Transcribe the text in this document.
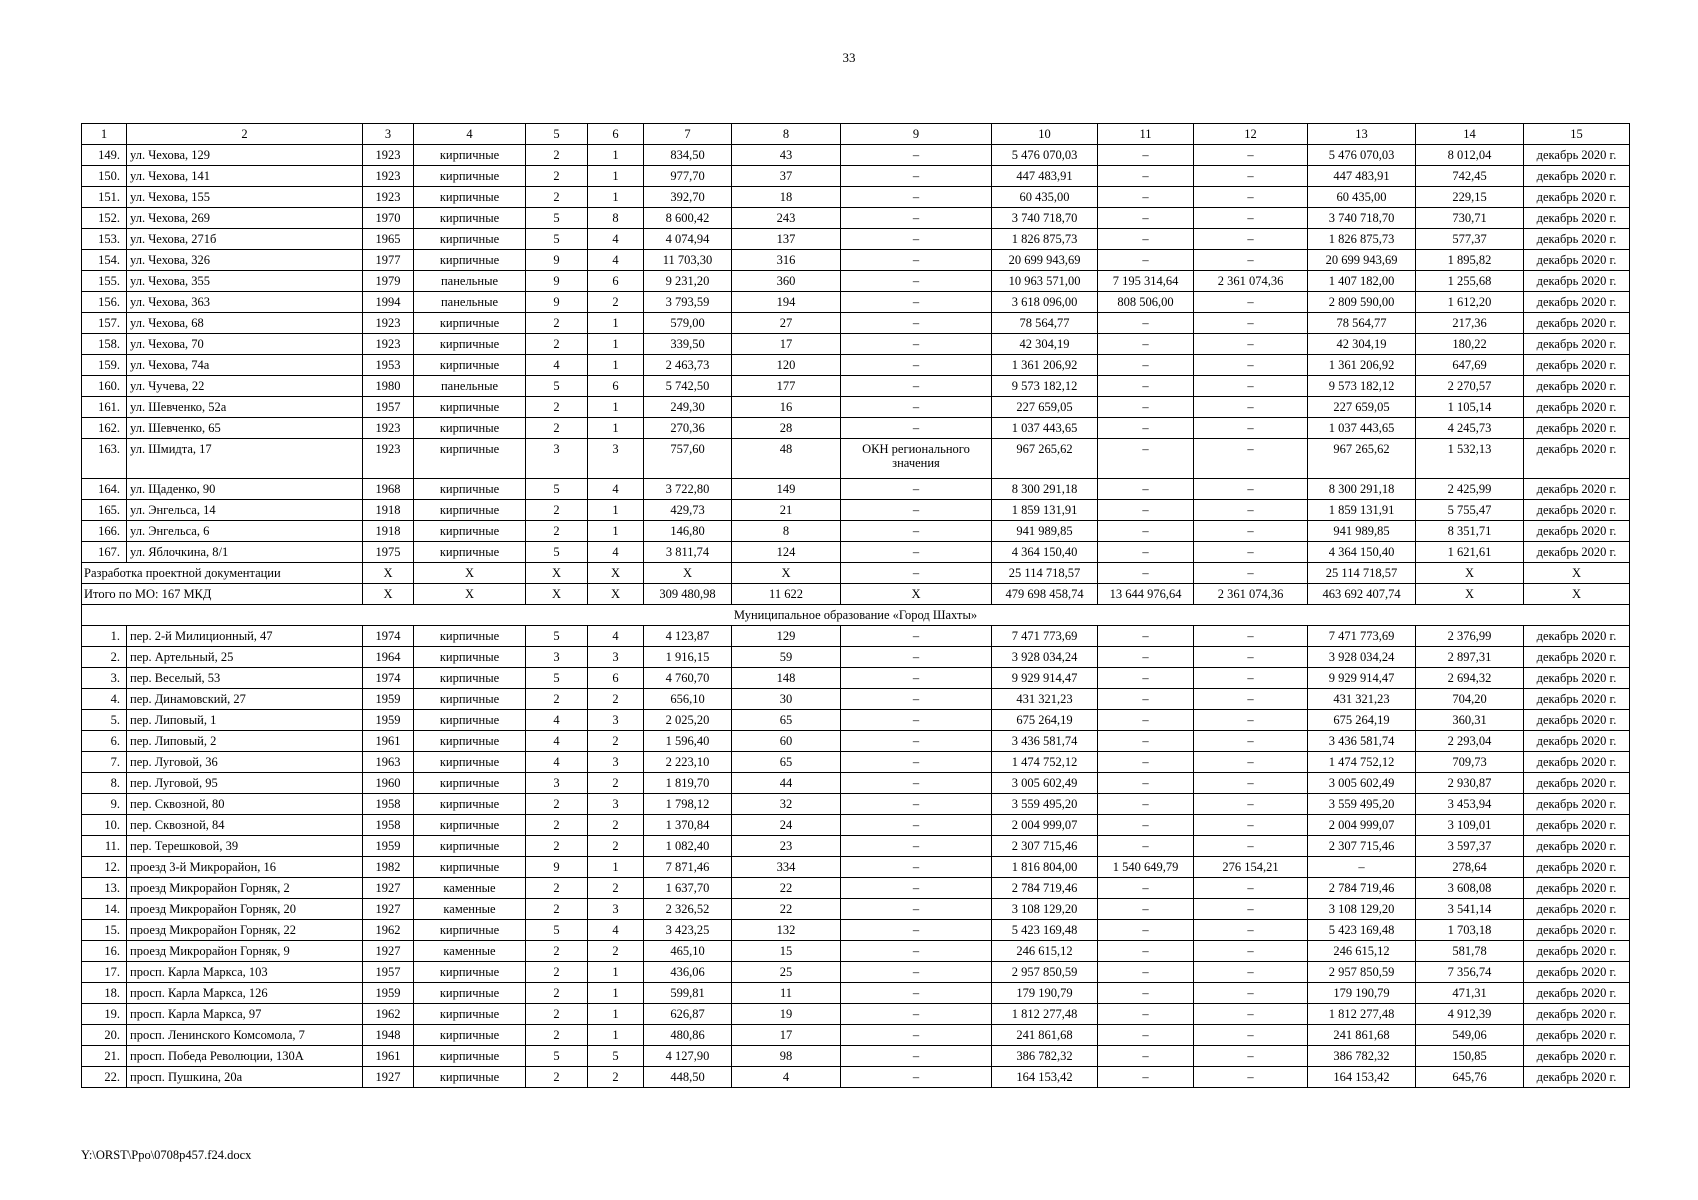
33
1	2	3	4	5	6	7	8	9	10	11	12	13	14	15
149.	ул. Чехова, 129	1923	кирпичные	2	1	834,50	43	–	5 476 070,03	–	–	5 476 070,03	8 012,04	декабрь 2020 г.
150.	ул. Чехова, 141	1923	кирпичные	2	1	977,70	37	–	447 483,91	–	–	447 483,91	742,45	декабрь 2020 г.
151.	ул. Чехова, 155	1923	кирпичные	2	1	392,70	18	–	60 435,00	–	–	60 435,00	229,15	декабрь 2020 г.
152.	ул. Чехова, 269	1970	кирпичные	5	8	8 600,42	243	–	3 740 718,70	–	–	3 740 718,70	730,71	декабрь 2020 г.
153.	ул. Чехова, 271б	1965	кирпичные	5	4	4 074,94	137	–	1 826 875,73	–	–	1 826 875,73	577,37	декабрь 2020 г.
154.	ул. Чехова, 326	1977	кирпичные	9	4	11 703,30	316	–	20 699 943,69	–	–	20 699 943,69	1 895,82	декабрь 2020 г.
155.	ул. Чехова, 355	1979	панельные	9	6	9 231,20	360	–	10 963 571,00	7 195 314,64	2 361 074,36	1 407 182,00	1 255,68	декабрь 2020 г.
156.	ул. Чехова, 363	1994	панельные	9	2	3 793,59	194	–	3 618 096,00	808 506,00	–	2 809 590,00	1 612,20	декабрь 2020 г.
157.	ул. Чехова, 68	1923	кирпичные	2	1	579,00	27	–	78 564,77	–	–	78 564,77	217,36	декабрь 2020 г.
158.	ул. Чехова, 70	1923	кирпичные	2	1	339,50	17	–	42 304,19	–	–	42 304,19	180,22	декабрь 2020 г.
159.	ул. Чехова, 74а	1953	кирпичные	4	1	2 463,73	120	–	1 361 206,92	–	–	1 361 206,92	647,69	декабрь 2020 г.
160.	ул. Чучева, 22	1980	панельные	5	6	5 742,50	177	–	9 573 182,12	–	–	9 573 182,12	2 270,57	декабрь 2020 г.
161.	ул. Шевченко, 52а	1957	кирпичные	2	1	249,30	16	–	227 659,05	–	–	227 659,05	1 105,14	декабрь 2020 г.
162.	ул. Шевченко, 65	1923	кирпичные	2	1	270,36	28	–	1 037 443,65	–	–	1 037 443,65	4 245,73	декабрь 2020 г.
163.	ул. Шмидта, 17	1923	кирпичные	3	3	757,60	48	ОКН регионального значения	967 265,62	–	–	967 265,62	1 532,13	декабрь 2020 г.
164.	ул. Щаденко, 90	1968	кирпичные	5	4	3 722,80	149	–	8 300 291,18	–	–	8 300 291,18	2 425,99	декабрь 2020 г.
165.	ул. Энгельса, 14	1918	кирпичные	2	1	429,73	21	–	1 859 131,91	–	–	1 859 131,91	5 755,47	декабрь 2020 г.
166.	ул. Энгельса, 6	1918	кирпичные	2	1	146,80	8	–	941 989,85	–	–	941 989,85	8 351,71	декабрь 2020 г.
167.	ул. Яблочкина, 8/1	1975	кирпичные	5	4	3 811,74	124	–	4 364 150,40	–	–	4 364 150,40	1 621,61	декабрь 2020 г.
Разработка проектной документации		X	X	X	X	X	X	–	25 114 718,57	–	–	25 114 718,57	X	X
Итого по МО: 167 МКД		X	X	X	X	309 480,98	11 622	X	479 698 458,74	13 644 976,64	2 361 074,36	463 692 407,74	X	X
Муниципальное образование «Город Шахты»														
1.	пер. 2-й Милиционный, 47	1974	кирпичные	5	4	4 123,87	129	–	7 471 773,69	–	–	7 471 773,69	2 376,99	декабрь 2020 г.
2.	пер. Артельный, 25	1964	кирпичные	3	3	1 916,15	59	–	3 928 034,24	–	–	3 928 034,24	2 897,31	декабрь 2020 г.
3.	пер. Веселый, 53	1974	кирпичные	5	6	4 760,70	148	–	9 929 914,47	–	–	9 929 914,47	2 694,32	декабрь 2020 г.
4.	пер. Динамовский, 27	1959	кирпичные	2	2	656,10	30	–	431 321,23	–	–	431 321,23	704,20	декабрь 2020 г.
5.	пер. Липовый, 1	1959	кирпичные	4	3	2 025,20	65	–	675 264,19	–	–	675 264,19	360,31	декабрь 2020 г.
6.	пер. Липовый, 2	1961	кирпичные	4	2	1 596,40	60	–	3 436 581,74	–	–	3 436 581,74	2 293,04	декабрь 2020 г.
7.	пер. Луговой, 36	1963	кирпичные	4	3	2 223,10	65	–	1 474 752,12	–	–	1 474 752,12	709,73	декабрь 2020 г.
8.	пер. Луговой, 95	1960	кирпичные	3	2	1 819,70	44	–	3 005 602,49	–	–	3 005 602,49	2 930,87	декабрь 2020 г.
9.	пер. Сквозной, 80	1958	кирпичные	2	3	1 798,12	32	–	3 559 495,20	–	–	3 559 495,20	3 453,94	декабрь 2020 г.
10.	пер. Сквозной, 84	1958	кирпичные	2	2	1 370,84	24	–	2 004 999,07	–	–	2 004 999,07	3 109,01	декабрь 2020 г.
11.	пер. Терешковой, 39	1959	кирпичные	2	2	1 082,40	23	–	2 307 715,46	–	–	2 307 715,46	3 597,37	декабрь 2020 г.
12.	проезд 3-й Микрорайон, 16	1982	кирпичные	9	1	7 871,46	334	–	1 816 804,00	1 540 649,79	276 154,21	–	278,64	декабрь 2020 г.
13.	проезд Микрорайон Горняк, 2	1927	каменные	2	2	1 637,70	22	–	2 784 719,46	–	–	2 784 719,46	3 608,08	декабрь 2020 г.
14.	проезд Микрорайон Горняк, 20	1927	каменные	2	3	2 326,52	22	–	3 108 129,20	–	–	3 108 129,20	3 541,14	декабрь 2020 г.
15.	проезд Микрорайон Горняк, 22	1962	кирпичные	5	4	3 423,25	132	–	5 423 169,48	–	–	5 423 169,48	1 703,18	декабрь 2020 г.
16.	проезд Микрорайон Горняк, 9	1927	каменные	2	2	465,10	15	–	246 615,12	–	–	246 615,12	581,78	декабрь 2020 г.
17.	просп. Карла Маркса, 103	1957	кирпичные	2	1	436,06	25	–	2 957 850,59	–	–	2 957 850,59	7 356,74	декабрь 2020 г.
18.	просп. Карла Маркса, 126	1959	кирпичные	2	1	599,81	11	–	179 190,79	–	–	179 190,79	471,31	декабрь 2020 г.
19.	просп. Карла Маркса, 97	1962	кирпичные	2	1	626,87	19	–	1 812 277,48	–	–	1 812 277,48	4 912,39	декабрь 2020 г.
20.	просп. Ленинского Комсомола, 7	1948	кирпичные	2	1	480,86	17	–	241 861,68	–	–	241 861,68	549,06	декабрь 2020 г.
21.	просп. Победа Революции, 130А	1961	кирпичные	5	5	4 127,90	98	–	386 782,32	–	–	386 782,32	150,85	декабрь 2020 г.
22.	просп. Пушкина, 20а	1927	кирпичные	2	2	448,50	4	–	164 153,42	–	–	164 153,42	645,76	декабрь 2020 г.
Y:\ORST\Ppo\0708p457.f24.docx
